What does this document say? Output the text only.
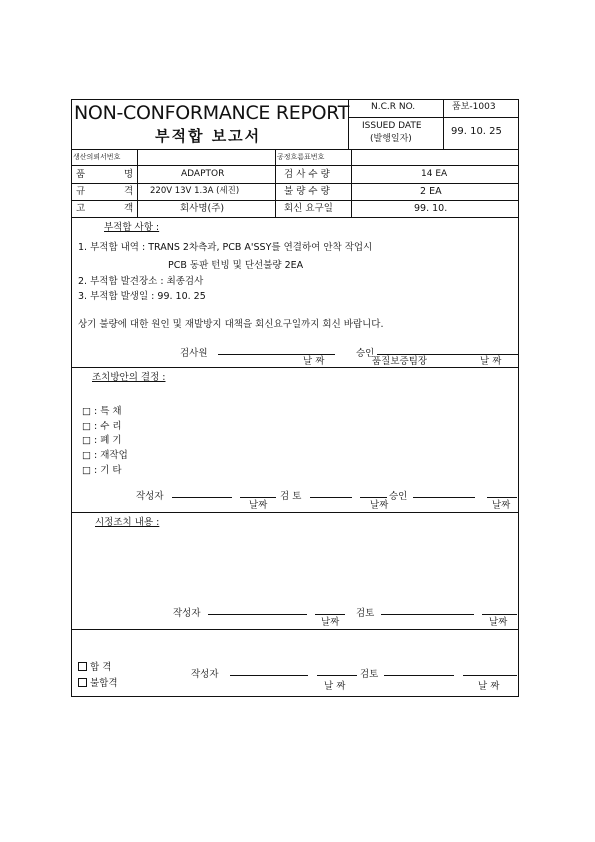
NON-CONFORMANCE REPORT
부적합 보고서
N.C.R NO.	품보-1003
ISSUED DATE
(발행일자)
99. 10. 25
생산의뢰서번호	공정흐름표번호
품	명	ADAPTOR	검 사 수 량	14 EA
규	격 220V 13V 1.3A (세진)	불 량 수 량	2 EA
고	객	회사명(주)	회신 요구일	99. 10.
부적합 사항 :
1. 부적합 내역 : TRANS 2차측과, PCB A'SSY를 연결하여 안착 작업시
PCB 동판 턴빙 및 단선불량 2EA
2. 부적합 발견장소 : 최종검사
3. 부적합 발생일 : 99. 10. 25
상기 불량에 대한 원인 및 재발방지 대책을 회신요구일까지 회신 바랍니다.
검사원
날 짜
승인
품질보증팀장	날 짜
조치방안의 결정 :
□ : 특 채
□ : 수 리
□ : 폐 기
□ : 재작업
□ : 기 타
작성자
날짜
검 토
날짜
승인
날짜
시정조치 내용 :
작성자
날짜
검토
날짜
합 격
불합격
작성자
날 짜
검토
날 짜
